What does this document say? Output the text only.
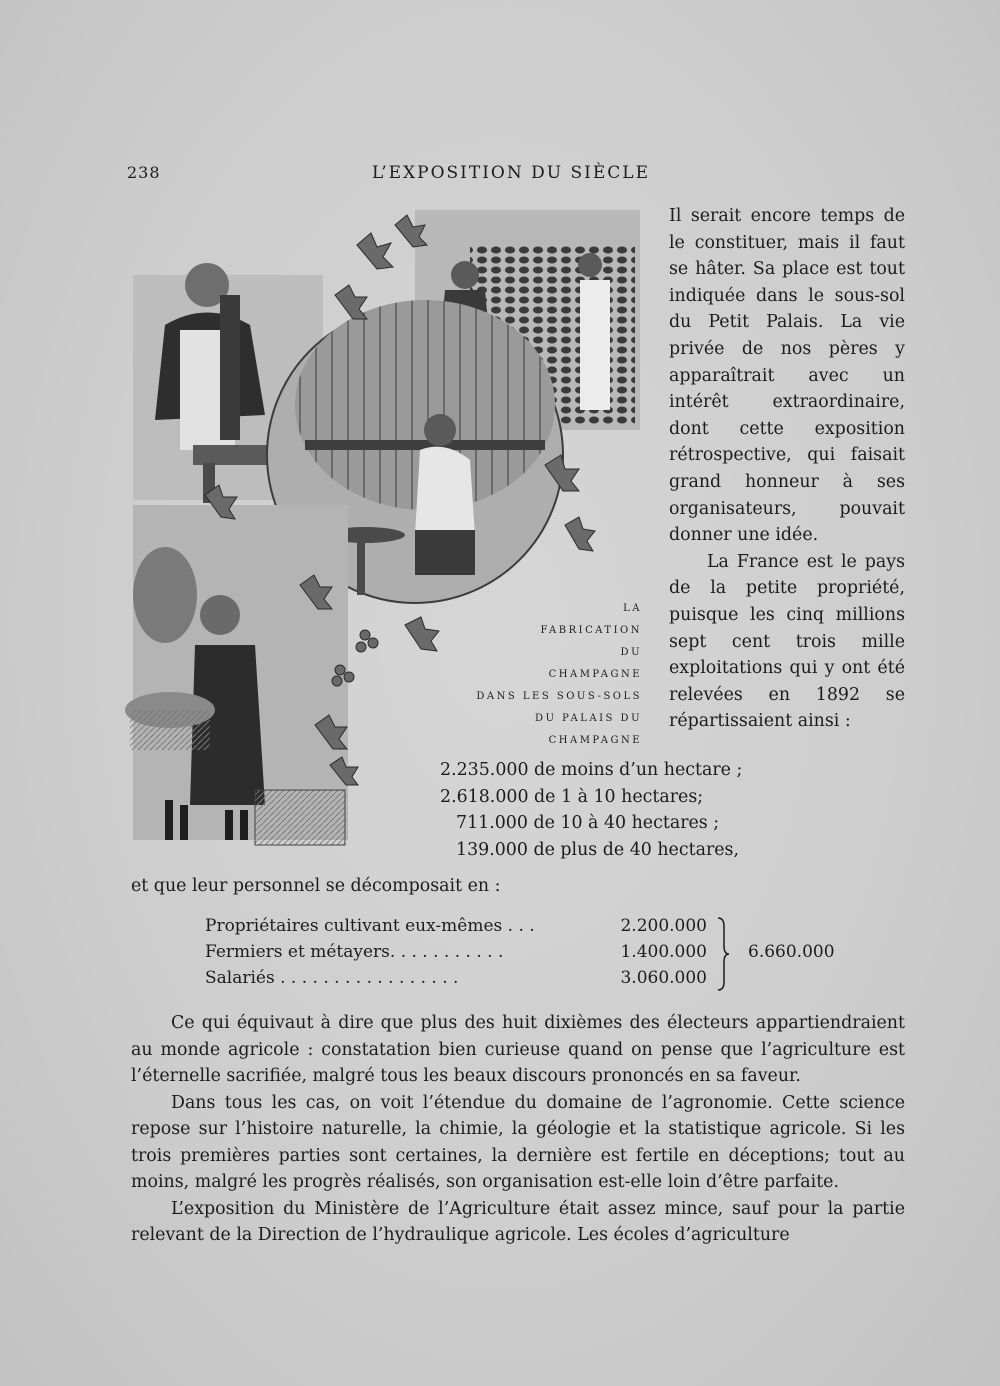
238	L’EXPOSITION DU SIÈCLE
LA
FABRICATION
DU
CHAMPAGNE
DANS LES SOUS-SOLS
DU PALAIS DU CHAMPAGNE

Il serait encore temps de le constituer, mais il faut se hâter. Sa place est tout indiquée dans le sous-sol du Petit Palais. La vie privée de nos pères y apparaîtrait avec un intérêt extraordinaire, dont cette exposition rétrospective, qui faisait grand honneur à ses organisateurs, pouvait donner une idée.

La France est le pays de la petite propriété, puisque les cinq millions sept cent trois mille exploitations qui y ont été relevées en 1892 se répartissaient ainsi :

2.235.000 de moins d’un hectare ;
2.618.000 de 1 à 10 hectares;
711.000 de 10 à 40 hectares ;
139.000 de plus de 40 hectares,
et que leur personnel se décomposait en :
Propriétaires cultivant eux-mêmes . . .	2.200.000
Fermiers et métayers. . . . . . . . . . .	1.400.000
Salariés . . . . . . . . . . . . . . . . .	3.060.000
6.660.000

Ce qui équivaut à dire que plus des huit dixièmes des électeurs appartiendraient au monde agricole : constatation bien curieuse quand on pense que l’agriculture est l’éternelle sacrifiée, malgré tous les beaux discours prononcés en sa faveur.

Dans tous les cas, on voit l’étendue du domaine de l’agronomie. Cette science repose sur l’histoire naturelle, la chimie, la géologie et la statistique agricole. Si les trois premières parties sont certaines, la dernière est fertile en déceptions; tout au moins, malgré les progrès réalisés, son organisation est-elle loin d’être parfaite.

L’exposition du Ministère de l’Agriculture était assez mince, sauf pour la partie relevant de la Direction de l’hydraulique agricole. Les écoles d’agriculture
